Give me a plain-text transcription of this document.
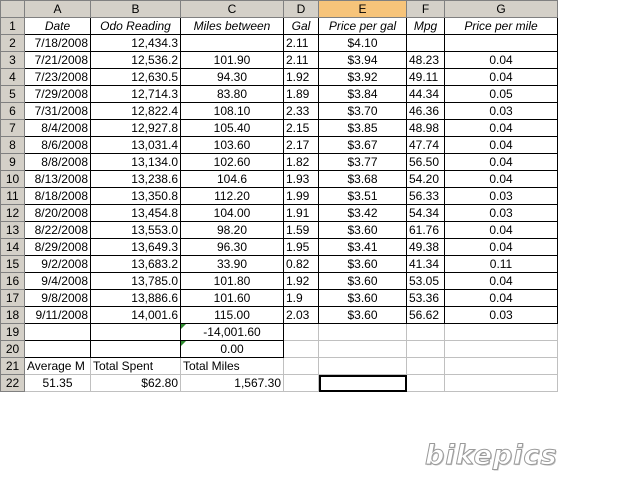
	A	B	C	D	E	F	G
1	Date	Odo Reading	Miles between	Gal	Price per gal	Mpg	Price per mile
2	7/18/2008	12,434.3		2.11	$4.10		
3	7/21/2008	12,536.2	101.90	2.11	$3.94	48.23	0.04
4	7/23/2008	12,630.5	94.30	1.92	$3.92	49.11	0.04
5	7/29/2008	12,714.3	83.80	1.89	$3.84	44.34	0.05
6	7/31/2008	12,822.4	108.10	2.33	$3.70	46.36	0.03
7	8/4/2008	12,927.8	105.40	2.15	$3.85	48.98	0.04
8	8/6/2008	13,031.4	103.60	2.17	$3.67	47.74	0.04
9	8/8/2008	13,134.0	102.60	1.82	$3.77	56.50	0.04
10	8/13/2008	13,238.6	104.6	1.93	$3.68	54.20	0.04
11	8/18/2008	13,350.8	112.20	1.99	$3.51	56.33	0.03
12	8/20/2008	13,454.8	104.00	1.91	$3.42	54.34	0.03
13	8/22/2008	13,553.0	98.20	1.59	$3.60	61.76	0.04
14	8/29/2008	13,649.3	96.30	1.95	$3.41	49.38	0.04
15	9/2/2008	13,683.2	33.90	0.82	$3.60	41.34	0.11
16	9/4/2008	13,785.0	101.80	1.92	$3.60	53.05	0.04
17	9/8/2008	13,886.6	101.60	1.9	$3.60	53.36	0.04
18	9/11/2008	14,001.6	115.00	2.03	$3.60	56.62	0.03
19			-14,001.60				
20			0.00				
21	Average M	Total Spent	Total Miles				
22	51.35	$62.80	1,567.30				
bikepics
